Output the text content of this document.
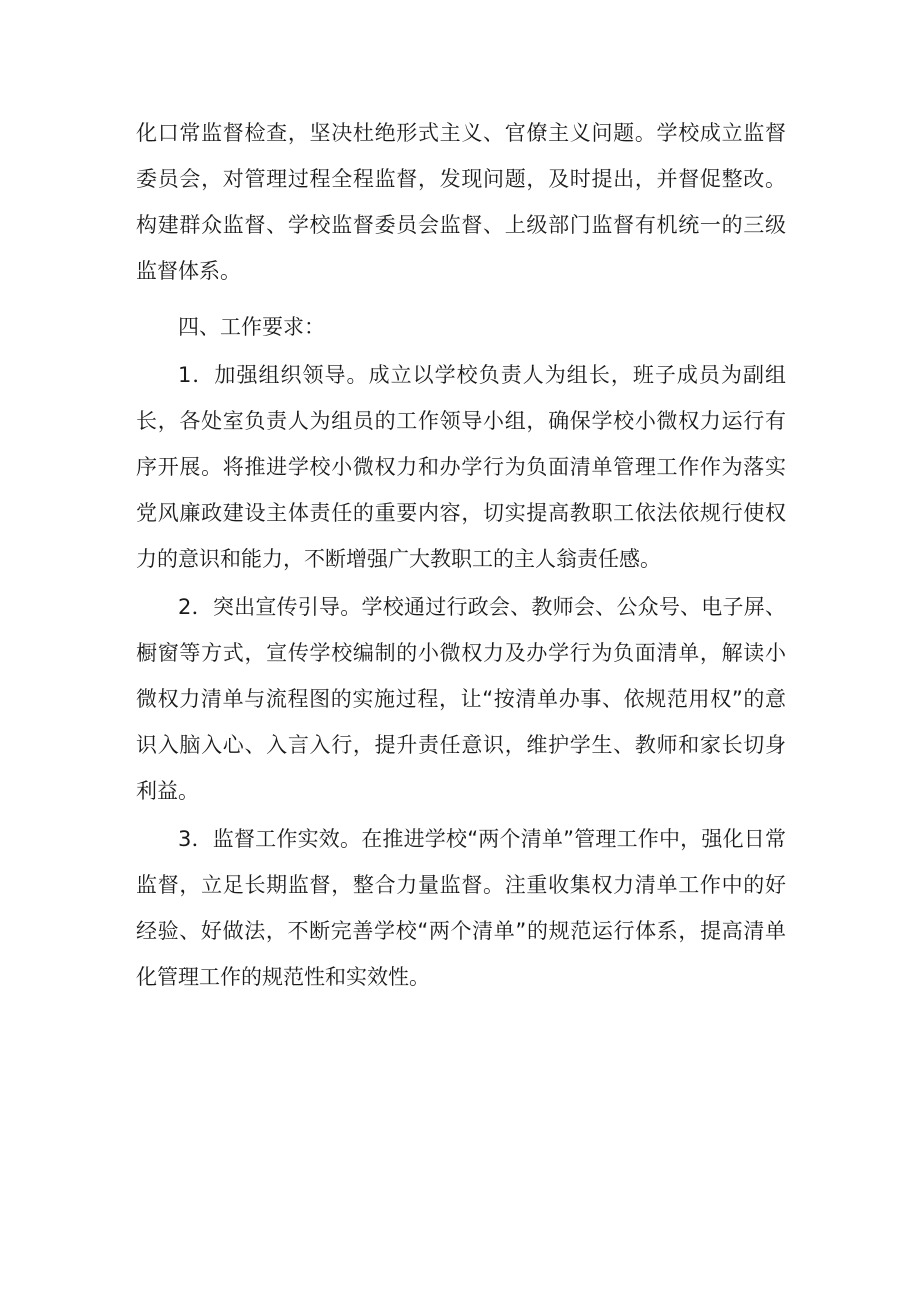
化口常监督检查，坚决杜绝形式主义、官僚主义问题。学校成立监督委员会，对管理过程全程监督，发现问题，及时提出，并督促整改。构建群众监督、学校监督委员会监督、上级部门监督有机统一的三级监督体系。

四、工作要求：

1．加强组织领导。成立以学校负责人为组长，班子成员为副组长，各处室负责人为组员的工作领导小组，确保学校小微权力运行有序开展。将推进学校小微权力和办学行为负面清单管理工作作为落实党风廉政建设主体责任的重要内容，切实提高教职工依法依规行使权力的意识和能力，不断增强广大教职工的主人翁责任感。

2．突出宣传引导。学校通过行政会、教师会、公众号、电子屏、橱窗等方式，宣传学校编制的小微权力及办学行为负面清单，解读小微权力清单与流程图的实施过程，让“按清单办事、依规范用权”的意识入脑入心、入言入行，提升责任意识，维护学生、教师和家长切身利益。

3．监督工作实效。在推进学校“两个清单”管理工作中，强化日常监督，立足长期监督，整合力量监督。注重收集权力清单工作中的好经验、好做法，不断完善学校“两个清单”的规范运行体系，提高清单化管理工作的规范性和实效性。
